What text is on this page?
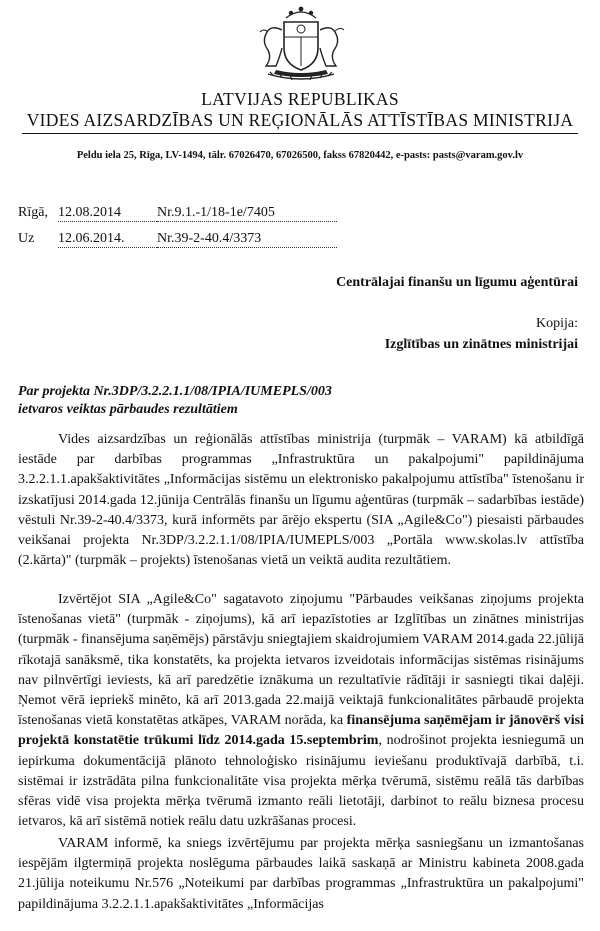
LATVIJAS REPUBLIKAS
VIDES AIZSARDZĪBAS UN REĢIONĀLĀS ATTĪSTĪBAS MINISTRIJA
Peldu iela 25, Rīga, LV-1494, tālr. 67026470, 67026500, fakss 67820442, e-pasts: pasts@varam.gov.lv
Rīgā, 12.08.2014	Nr.9.1.-1/18-1e/7405
Uz 12.06.2014. Nr.39-2-40.4/3373
Centrālajai finanšu un līgumu aģentūrai
Kopija:
Izglītības un zinātnes ministrijai
Par projekta Nr.3DP/3.2.2.1.1/08/IPIA/IUMEPLS/003
ietvaros veiktas pārbaudes rezultātiem

Vides aizsardzības un reģionālās attīstības ministrija (turpmāk – VARAM) kā atbildīgā iestāde par darbības programmas „Infrastruktūra un pakalpojumi" papildinājuma 3.2.2.1.1.apakšaktivitātes „Informācijas sistēmu un elektronisko pakalpojumu attīstība" īstenošanu ir izskatījusi 2014.gada 12.jūnija Centrālās finanšu un līgumu aģentūras (turpmāk – sadarbības iestāde) vēstuli Nr.39-2-40.4/3373, kurā informēts par ārējo ekspertu (SIA „Agile&Co") piesaisti pārbaudes veikšanai projekta Nr.3DP/3.2.2.1.1/08/IPIA/IUMEPLS/003 „Portāla www.skolas.lv attīstība (2.kārta)" (turpmāk – projekts) īstenošanas vietā un veiktā audita rezultātiem.

Izvērtējot SIA „Agile&Co" sagatavoto ziņojumu "Pārbaudes veikšanas ziņojums projekta īstenošanas vietā" (turpmāk - ziņojums), kā arī iepazīstoties ar Izglītības un zinātnes ministrijas (turpmāk - finansējuma saņēmējs) pārstāvju sniegtajiem skaidrojumiem VARAM 2014.gada 22.jūlijā rīkotajā sanāksmē, tika konstatēts, ka projekta ietvaros izveidotais informācijas sistēmas risinājums nav pilnvērtīgi ieviests, kā arī paredzētie iznākuma un rezultatīvie rādītāji ir sasniegti tikai daļēji. Ņemot vērā iepriekš minēto, kā arī 2013.gada 22.maijā veiktajā funkcionalitātes pārbaudē projekta īstenošanas vietā konstatētas atkāpes, VARAM norāda, ka finansējuma saņēmējam ir jānovērš visi projektā konstatētie trūkumi līdz 2014.gada 15.septembrim, nodrošinot projekta iesniegumā un iepirkuma dokumentācijā plānoto tehnoloģisko risinājumu ieviešanu produktīvajā darbībā, t.i. sistēmai ir izstrādāta pilna funkcionalitāte visa projekta mērķa tvērumā, sistēmu reālā tās darbības sfēras vidē visa projekta mērķa tvērumā izmanto reāli lietotāji, darbinot to reālu biznesa procesu ietvaros, kā arī sistēmā notiek reālu datu uzkrāšanas procesi.

VARAM informē, ka sniegs izvērtējumu par projekta mērķa sasniegšanu un izmantošanas iespējām ilgtermiņā projekta noslēguma pārbaudes laikā saskaņā ar Ministru kabineta 2008.gada 21.jūlija noteikumu Nr.576 „Noteikumi par darbības programmas „Infrastruktūra un pakalpojumi" papildinājuma 3.2.2.1.1.apakšaktivitātes „Informācijas
